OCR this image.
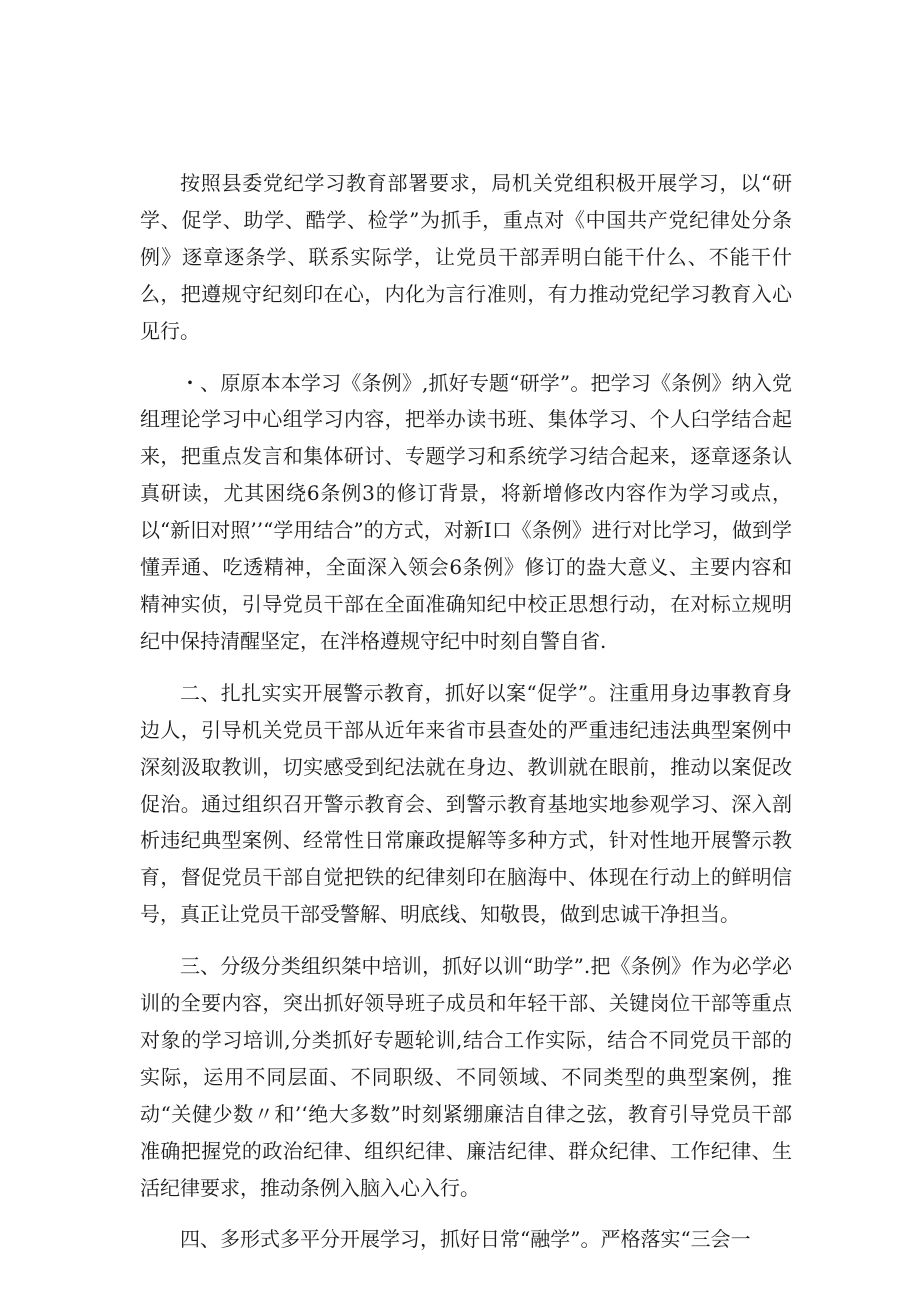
按照县委党纪学习教育部署要求，局机关党组积极开展学习，以“研学、促学、助学、酷学、检学”为抓手，重点对《中国共产党纪律处分条例》逐章逐条学、联系实际学，让党员干部弄明白能干什么、不能干什么，把遵规守纪刻印在心，内化为言行准则，有力推动党纪学习教育入心见行。

・、原原本本学习《条例》,抓好专题“研学”。把学习《条例》纳入党组理论学习中心组学习内容，把举办读书班、集体学习、个人臼学结合起来，把重点发言和集体研讨、专题学习和系统学习结合起来，逐章逐条认真研读，尤其困绕6条例3的修订背景，将新增修改内容作为学习或点，以“新旧对照’’“学用结合”的方式，对新I口《条例》进行对比学习，做到学懂弄通、吃透精神，全面深入领会6条例》修订的盎大意义、主要内容和精神实侦，引导党员干部在全面准确知纪中校正思想行动，在对标立规明纪中保持清醒坚定，在泮格遵规守纪中时刻自警自省.

二、扎扎实实开展警示教育，抓好以案“促学”。注重用身边事教育身边人，引导机关党员干部从近年来省市县查处的严重违纪违法典型案例中深刻汲取教训，切实感受到纪法就在身边、教训就在眼前，推动以案促改促治。通过组织召开警示教育会、到警示教育基地实地参观学习、深入剖析违纪典型案例、经常性日常廉政提解等多种方式，针对性地开展警示教育，督促党员干部自觉把铁的纪律刻印在脑海中、体现在行动上的鲜明信号，真正让党员干部受警解、明底线、知敬畏，做到忠诚干净担当。

三、分级分类组织桀中培训，抓好以训“助学”.把《条例》作为必学必训的全要内容，突出抓好领导班子成员和年轻干部、关键岗位干部等重点对象的学习培训,分类抓好专题轮训,结合工作实际，结合不同党员干部的实际，运用不同层面、不同职级、不同领域、不同类型的典型案例，推动“关健少数〃和’‘绝大多数”时刻紧绷廉洁自律之弦，教育引导党员干部准确把握党的政治纪律、组织纪律、廉洁纪律、群众纪律、工作纪律、生活纪律要求，推动条例入脑入心入行。

四、多形式多平分开展学习，抓好日常“融学”。严格落实“三会一
